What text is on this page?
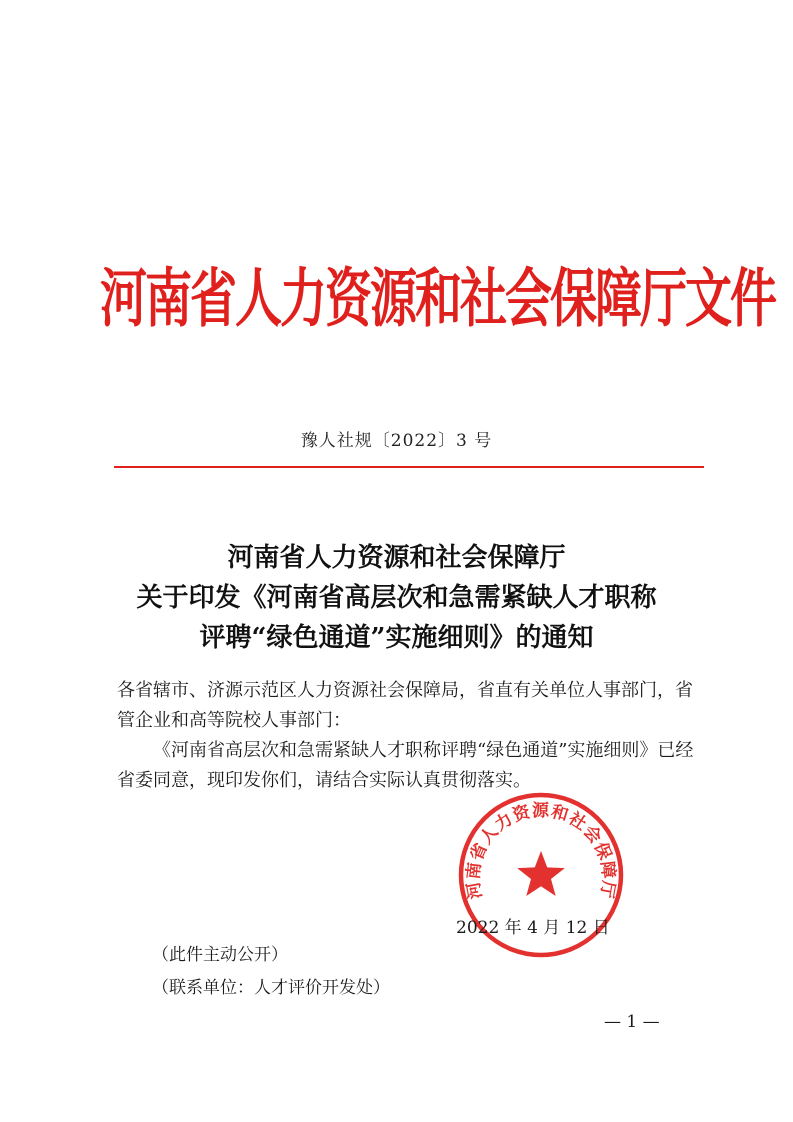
河南省人力资源和社会保障厅文件
豫人社规〔2022〕3 号
河南省人力资源和社会保障厅
关于印发《河南省高层次和急需紧缺人才职称
评聘“绿色通道”实施细则》的通知

各省辖市、济源示范区人力资源社会保障局，省直有关单位人事部门，省管企业和高等院校人事部门：

《河南省高层次和急需紧缺人才职称评聘“绿色通道”实施细则》已经省委同意，现印发你们，请结合实际认真贯彻落实。

河南省人力资源和社会保障厅
2022 年 4 月 12 日
（此件主动公开）
（联系单位：人才评价开发处）
— 1 —
